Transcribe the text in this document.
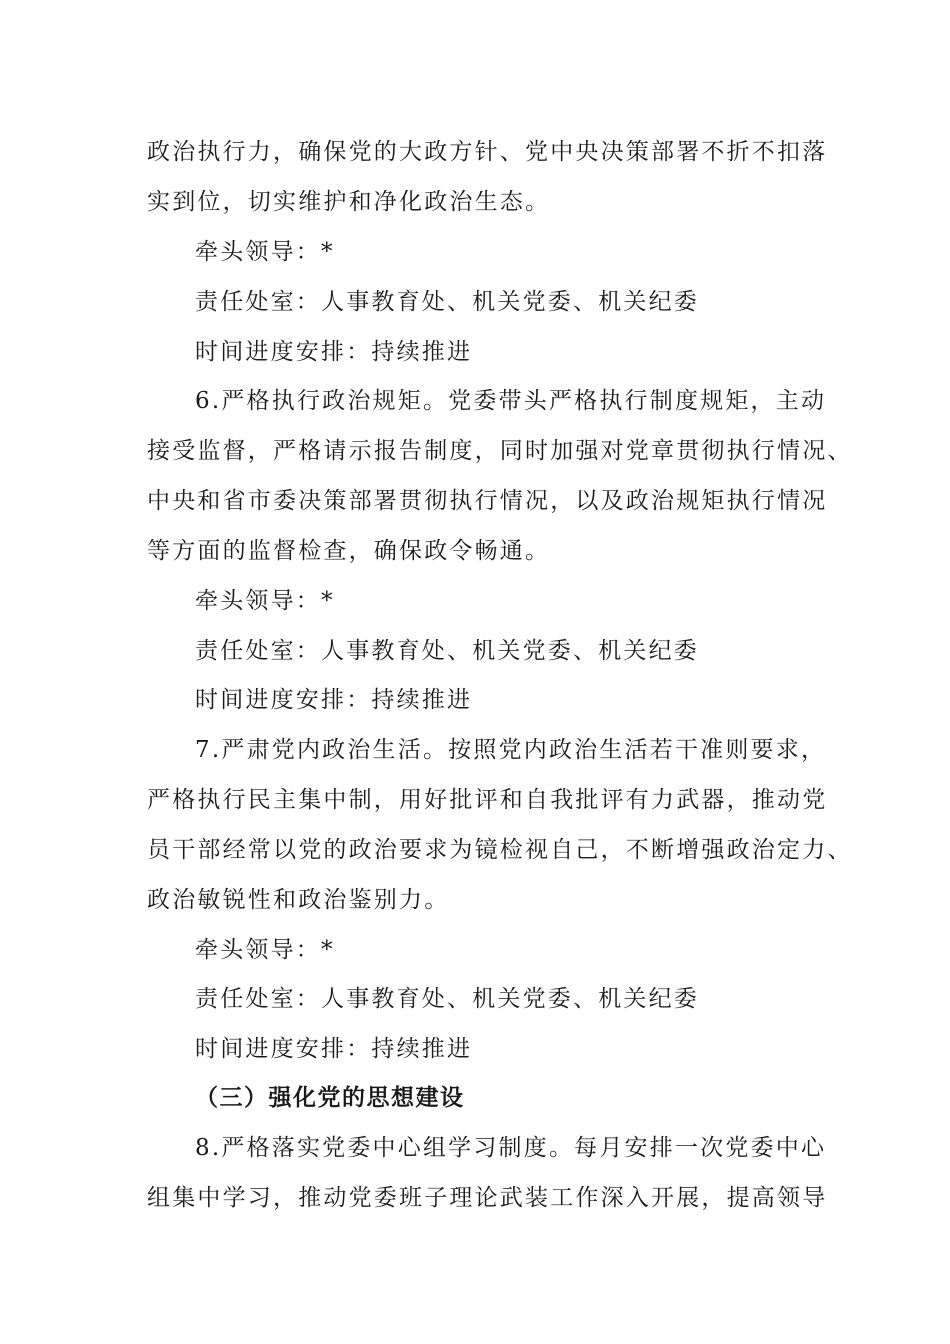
政治执行力，确保党的大政方针、党中央决策部署不折不扣落
实到位，切实维护和净化政治生态。
牵头领导：*
责任处室：人事教育处、机关党委、机关纪委
时间进度安排：持续推进
6.严格执行政治规矩。党委带头严格执行制度规矩，主动
接受监督，严格请示报告制度，同时加强对党章贯彻执行情况、
中央和省市委决策部署贯彻执行情况，以及政治规矩执行情况
等方面的监督检查，确保政令畅通。
牵头领导：*
责任处室：人事教育处、机关党委、机关纪委
时间进度安排：持续推进
7.严肃党内政治生活。按照党内政治生活若干准则要求，
严格执行民主集中制，用好批评和自我批评有力武器，推动党
员干部经常以党的政治要求为镜检视自己，不断增强政治定力、
政治敏锐性和政治鉴别力。
牵头领导：*
责任处室：人事教育处、机关党委、机关纪委
时间进度安排：持续推进
（三）强化党的思想建设
8.严格落实党委中心组学习制度。每月安排一次党委中心
组集中学习，推动党委班子理论武装工作深入开展，提高领导
